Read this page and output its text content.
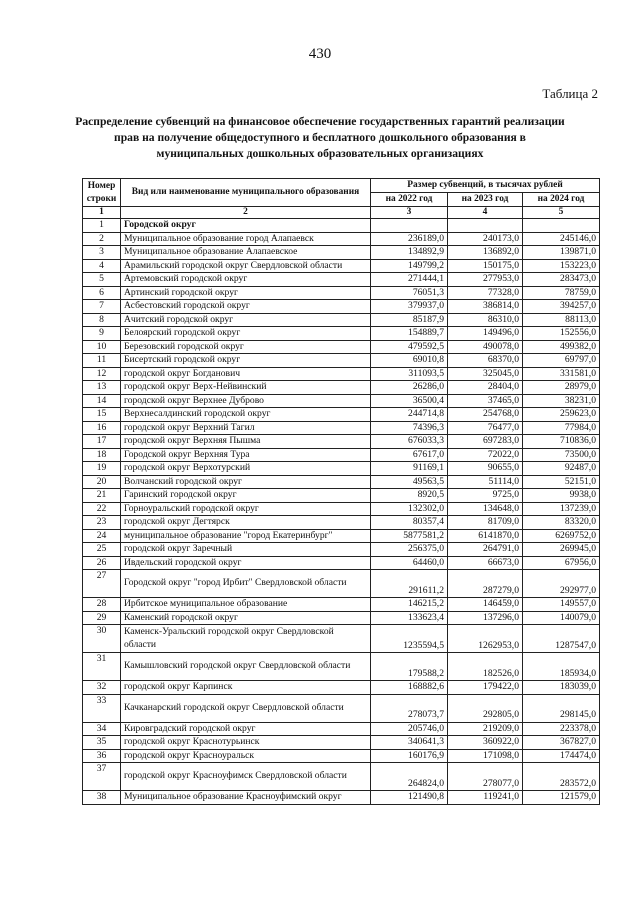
430
Таблица 2
Распределение субвенций на финансовое обеспечение государственных гарантий реализации прав на получение общедоступного и бесплатного дошкольного образования в муниципальных дошкольных образовательных организациях
Номер строки	Вид или наименование муниципального образования	Размер субвенций, в тысячах рублей		
		на 2022 год	на 2023 год	на 2024 год
1	2	3	4	5
1	Городской округ			
2	Муниципальное образование город Алапаевск	236189,0	240173,0	245146,0
3	Муниципальное образование Алапаевское	134892,9	136892,0	139871,0
4	Арамильский городской округ Свердловской области	149799,2	150175,0	153223,0
5	Артемовский городской округ	271444,1	277953,0	283473,0
6	Артинский городской округ	76051,3	77328,0	78759,0
7	Асбестовский городской округ	379937,0	386814,0	394257,0
8	Ачитский городской округ	85187,9	86310,0	88113,0
9	Белоярский городской округ	154889,7	149496,0	152556,0
10	Березовский городской округ	479592,5	490078,0	499382,0
11	Бисертский городской округ	69010,8	68370,0	69797,0
12	городской округ Богданович	311093,5	325045,0	331581,0
13	городской округ Верх-Нейвинский	26286,0	28404,0	28979,0
14	городской округ Верхнее Дуброво	36500,4	37465,0	38231,0
15	Верхнесалдинский городской округ	244714,8	254768,0	259623,0
16	городской округ Верхний Тагил	74396,3	76477,0	77984,0
17	городской округ Верхняя Пышма	676033,3	697283,0	710836,0
18	Городской округ Верхняя Тура	67617,0	72022,0	73500,0
19	городской округ Верхотурский	91169,1	90655,0	92487,0
20	Волчанский городской округ	49563,5	51114,0	52151,0
21	Гаринский городской округ	8920,5	9725,0	9938,0
22	Горноуральский городской округ	132302,0	134648,0	137239,0
23	городской округ Дегтярск	80357,4	81709,0	83320,0
24	муниципальное образование "город Екатеринбург"	5877581,2	6141870,0	6269752,0
25	городской округ Заречный	256375,0	264791,0	269945,0
26	Ивдельский городской округ	64460,0	66673,0	67956,0
27	Городской округ "город Ирбит" Свердловской области	291611,2	287279,0	292977,0
28	Ирбитское муниципальное образование	146215,2	146459,0	149557,0
29	Каменский городской округ	133623,4	137296,0	140079,0
30	Каменск-Уральский городской округ Свердловской области	1235594,5	1262953,0	1287547,0
31	Камышловский городской округ Свердловской области	179588,2	182526,0	185934,0
32	городской округ Карпинск	168882,6	179422,0	183039,0
33	Качканарский городской округ Свердловской области	278073,7	292805,0	298145,0
34	Кировградский городской округ	205746,0	219209,0	223378,0
35	городской округ Краснотурьинск	340641,3	360922,0	367827,0
36	городской округ Красноуральск	160176,9	171098,0	174474,0
37	городской округ Красноуфимск Свердловской области	264824,0	278077,0	283572,0
38	Муниципальное образование Красноуфимский округ	121490,8	119241,0	121579,0
